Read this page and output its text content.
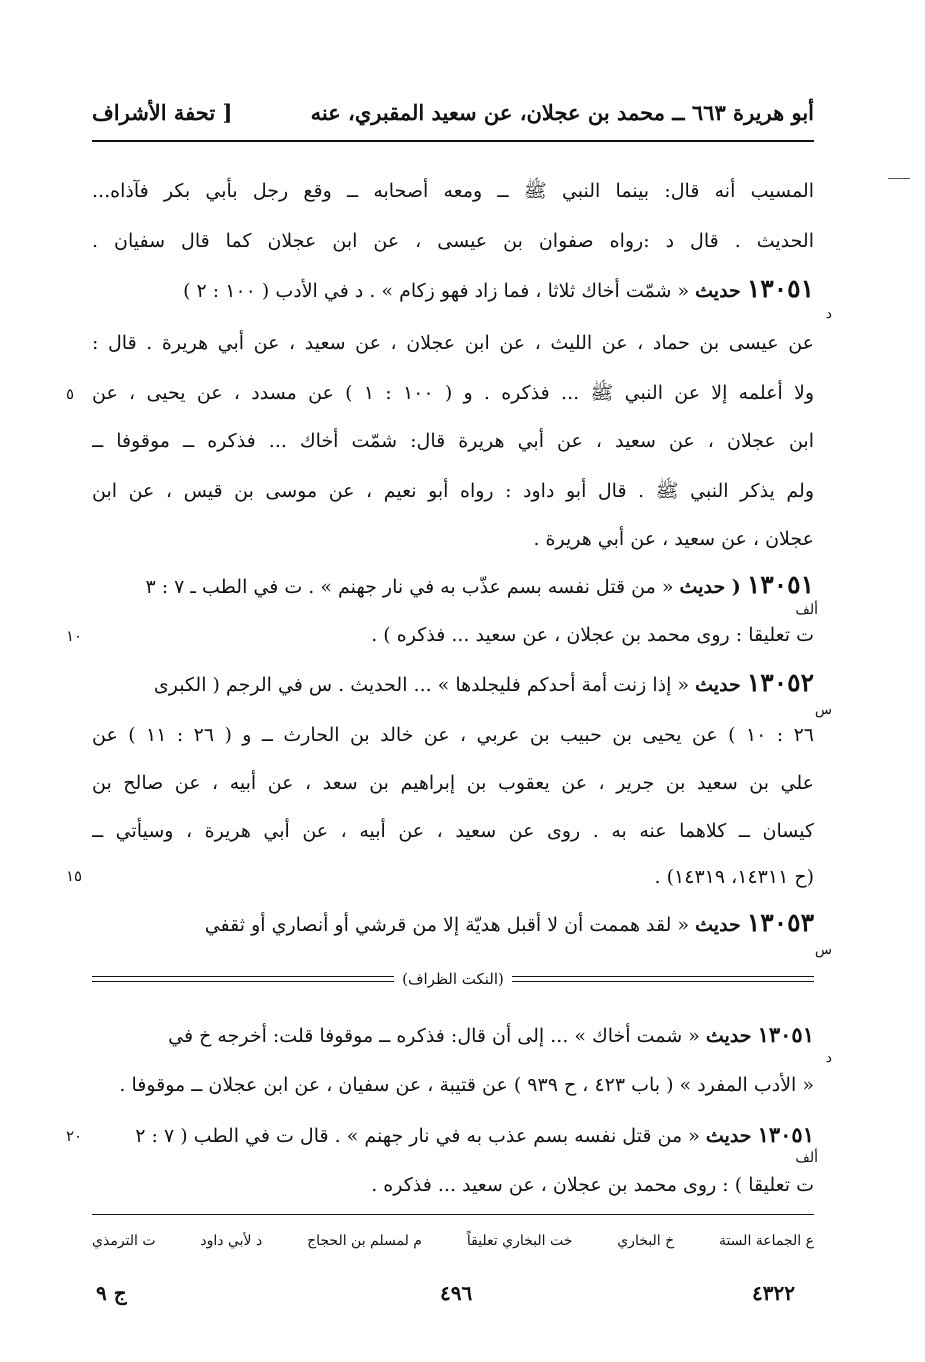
أبو هريرة ٦٦٣ ــ محمد بن عجلان، عن سعيد المقبري، عنه
[ تحفة الأشراف
المسيب أنه قال: بينما النبي ﷺ ــ ومعه أصحابه ــ وقع رجل بأبي بكر فآذاه...
الحديث . قال د :رواه صفوان بن عيسى ، عن ابن عجلان كما قال سفيان .
١٣٠٥١ حديث « شمّت أخاك ثلاثا ، فما زاد فهو زكام » . د في الأدب ( ١٠٠ : ٢ )
د
عن عيسى بن حماد ، عن الليث ، عن ابن عجلان ، عن سعيد ، عن أبي هريرة . قال :
ولا أعلمه إلا عن النبي ﷺ ... فذكره . و ( ١٠٠ : ١ ) عن مسدد ، عن يحيى ، عن
ابن عجلان ، عن سعيد ، عن أبي هريرة قال: شمّت أخاك ... فذكره ــ موقوفا ــ
ولم يذكر النبي ﷺ . قال أبو داود : رواه أبو نعيم ، عن موسى بن قيس ، عن ابن
عجلان ، عن سعيد ، عن أبي هريرة .
١٣٠٥١ ( حديث « من قتل نفسه بسم عذّب به في نار جهنم » . ت في الطب ـ ٧ : ٣
ألف
ت تعليقا : روى محمد بن عجلان ، عن سعيد ... فذكره ) .
١٣٠٥٢ حديث « إذا زنت أمة أحدكم فليجلدها » ... الحديث . س في الرجم ( الكبرى
س
٢٦ : ١٠ ) عن يحيى بن حبيب بن عربي ، عن خالد بن الحارث ــ و ( ٢٦ : ١١ ) عن
علي بن سعيد بن جرير ، عن يعقوب بن إبراهيم بن سعد ، عن أبيه ، عن صالح بن
كيسان ــ كلاهما عنه به . روى عن سعيد ، عن أبيه ، عن أبي هريرة ، وسيأتي ــ
(ح ١٤٣١١، ١٤٣١٩) .
١٣٠٥٣ حديث « لقد هممت أن لا أقبل هديّة إلا من قرشي أو أنصاري أو ثقفي
س
(النكت الظراف)
١٣٠٥١ حديث « شمت أخاك » ... إلى أن قال: فذكره ــ موقوفا قلت: أخرجه خ في
د
« الأدب المفرد » ( باب ٤٢٣ ، ح ٩٣٩ ) عن قتيبة ، عن سفيان ، عن ابن عجلان ــ موقوفا .
١٣٠٥١ حديث « من قتل نفسه بسم عذب به في نار جهنم » . قال ت في الطب ( ٧ : ٢
ألف
ت تعليقا ) : روى محمد بن عجلان ، عن سعيد ... فذكره .
٥
١٠
١٥
٢٠
ع الجماعة الستة
خ البخاري
خت البخاري تعليقاً
م لمسلم بن الحجاج
د لأبي داود
ت الترمذي
٤٣٢٢
٤٩٦
ج ٩
